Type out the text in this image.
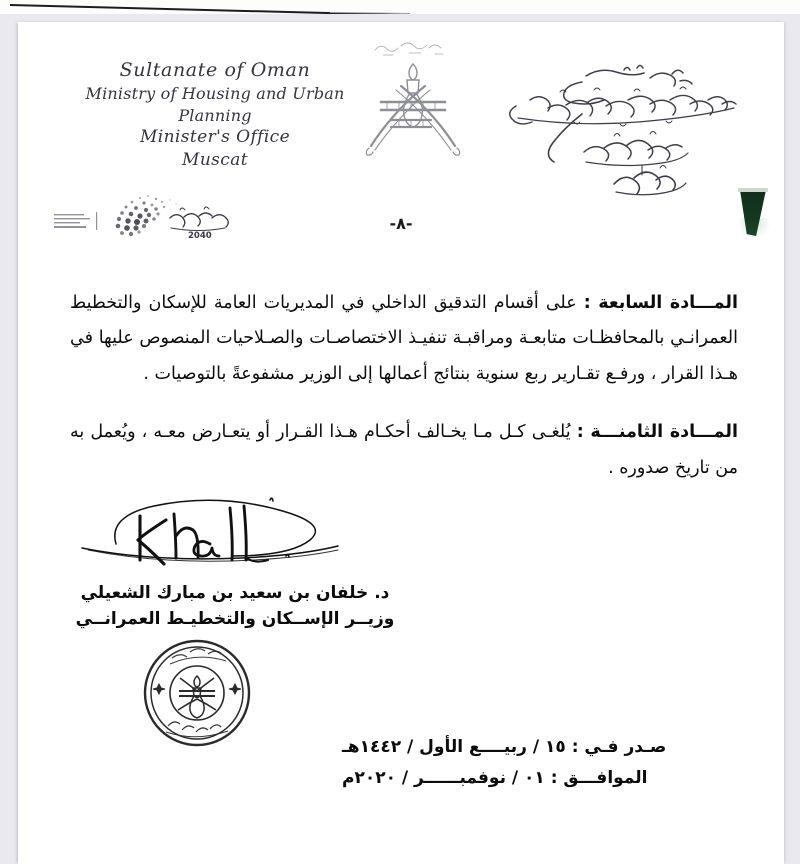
Sultanate of Oman
Ministry of Housing and Urban Planning
Minister's Office
Muscat
2040
-٨-

المـــادة السابعة : على أقسام التدقيق الداخلي في المديريات العامة للإسكان والتخطيط العمرانـي بالمحافظـات متابعـة ومراقبـة تنفيـذ الاختصاصـات والصـلاحيات المنصوص عليها في هـذا القرار ، ورفـع تقـارير ربع سنوية بنتائج أعمالها إلى الوزير مشفوعةً بالتوصيات .

المـــادة الثامنـــة : يُلغـى كـل مـا يخـالف أحكـام هـذا القـرار أو يتعـارض معـه ، ويُعمل به من تاريخ صدوره .

د. خلفان بن سعيد بن مبارك الشعيلي
وزيــر الإســكان والتخطيـط العمرانــي
صـدر فـي : ١٥ / ربيــــع الأول / ١٤٤٢هـ
الموافـــق : ٠١ / نوفمبــــــر / ٢٠٢٠م
